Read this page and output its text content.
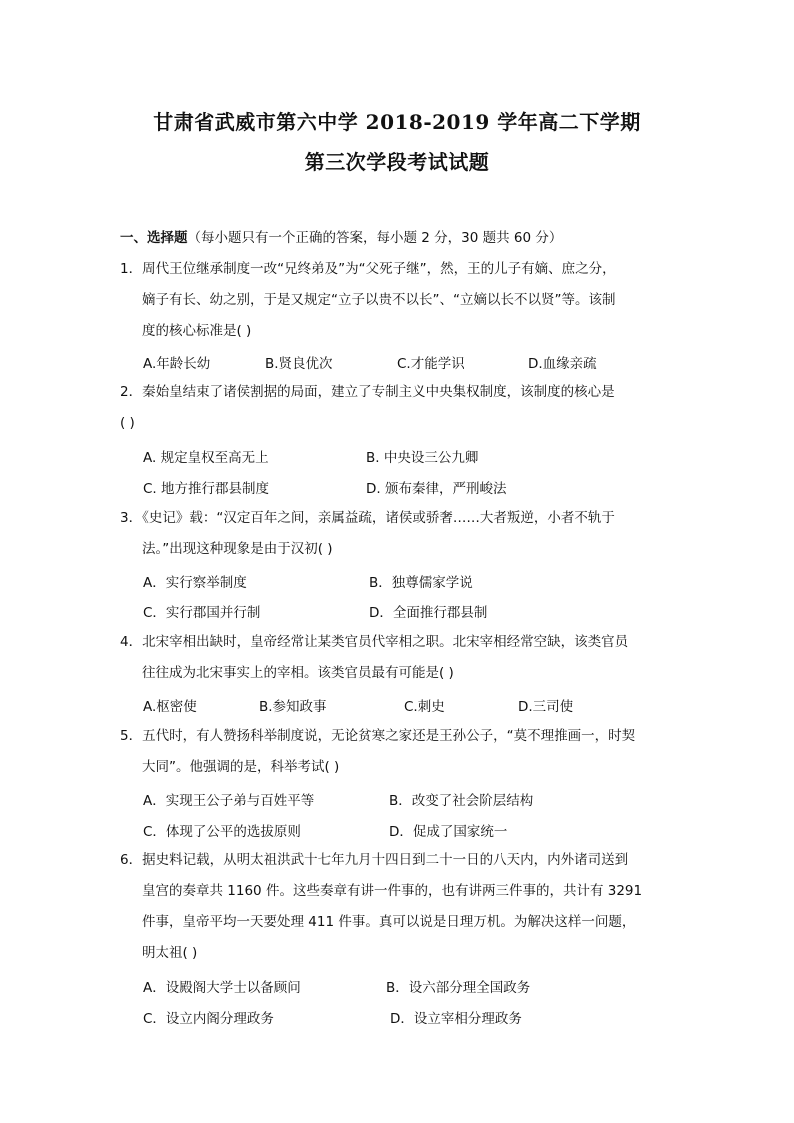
甘肃省武威市第六中学 2018-2019 学年高二下学期
第三次学段考试试题
一、选择题（每小题只有一个正确的答案，每小题 2 分，30 题共 60 分）
1．周代王位继承制度一改“兄终弟及”为“父死子继”，然，王的儿子有嫡、庶之分，
嫡子有长、幼之别，于是又规定“立子以贵不以长”、“立嫡以长不以贤”等。该制
度的核心标准是( )
A.年龄长幼	B.贤良优次	C.才能学识	D.血缘亲疏
2．秦始皇结束了诸侯割据的局面，建立了专制主义中央集权制度，该制度的核心是
( )
A. 规定皇权至高无上	B. 中央设三公九卿
C. 地方推行郡县制度	D. 颁布秦律，严刑峻法
3．《史记》载：“汉定百年之间，亲属益疏，诸侯或骄奢……大者叛逆，小者不轨于
法。”出现这种现象是由于汉初( )
A．实行察举制度	B．独尊儒家学说
C．实行郡国并行制	D．全面推行郡县制
4．北宋宰相出缺时，皇帝经常让某类官员代宰相之职。北宋宰相经常空缺，该类官员
往往成为北宋事实上的宰相。该类官员最有可能是( )
A.枢密使	B.参知政事	C.刺史	D.三司使
5．五代时，有人赞扬科举制度说，无论贫寒之家还是王孙公子，“莫不理推画一，时契
大同”。他强调的是，科举考试( )
A．实现王公子弟与百姓平等	B．改变了社会阶层结构
C．体现了公平的选拔原则	D．促成了国家统一
6．据史料记载，从明太祖洪武十七年九月十四日到二十一日的八天内，内外诸司送到
皇宫的奏章共 1160 件。这些奏章有讲一件事的，也有讲两三件事的，共计有 3291
件事，皇帝平均一天要处理 411 件事。真可以说是日理万机。为解决这样一问题，
明太祖( )
A．设殿阁大学士以备顾问	B．设六部分理全国政务
C．设立内阁分理政务	D．设立宰相分理政务
